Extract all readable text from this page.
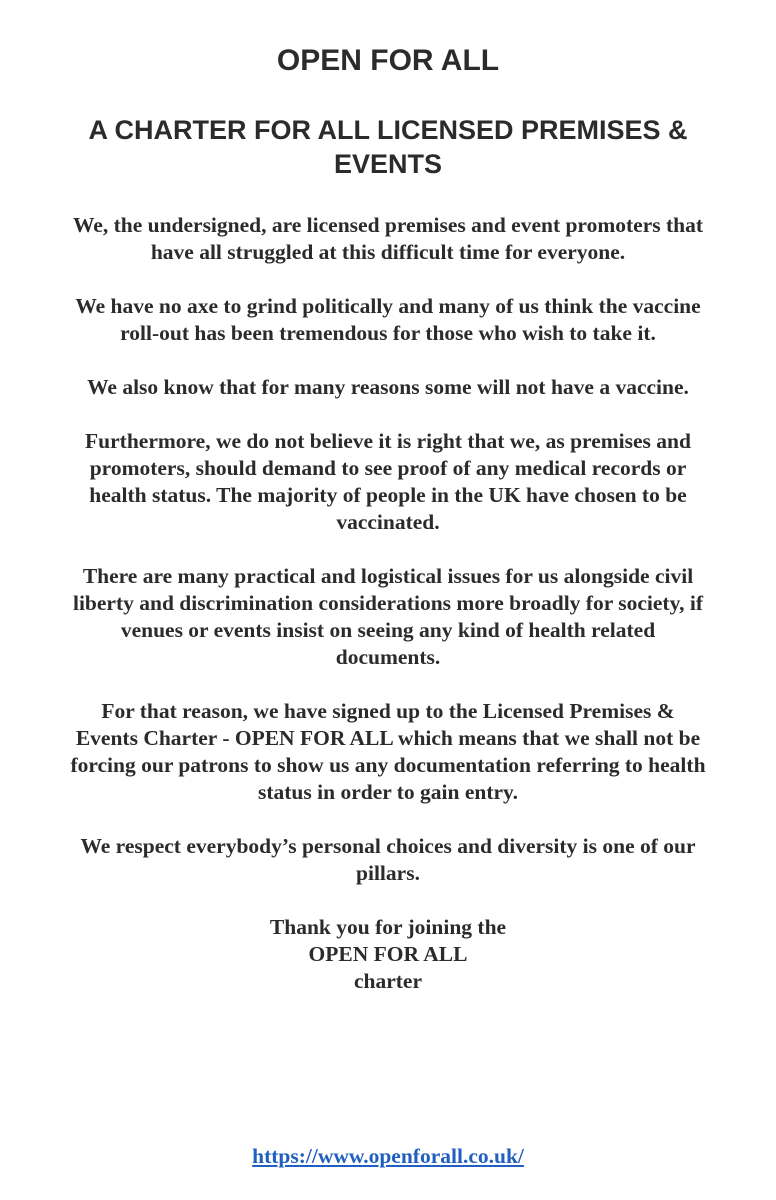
OPEN FOR ALL
A CHARTER FOR ALL LICENSED PREMISES & EVENTS

We, the undersigned, are licensed premises and event promoters that have all struggled at this difficult time for everyone.

We have no axe to grind politically and many of us think the vaccine roll-out has been tremendous for those who wish to take it.

We also know that for many reasons some will not have a vaccine.

Furthermore, we do not believe it is right that we, as premises and promoters, should demand to see proof of any medical records or health status. The majority of people in the UK have chosen to be vaccinated.

There are many practical and logistical issues for us alongside civil liberty and discrimination considerations more broadly for society, if venues or events insist on seeing any kind of health related documents.

For that reason, we have signed up to the Licensed Premises & Events Charter - OPEN FOR ALL which means that we shall not be forcing our patrons to show us any documentation referring to health status in order to gain entry.

We respect everybody’s personal choices and diversity is one of our pillars.

Thank you for joining the
OPEN FOR ALL
charter

https://www.openforall.co.uk/
